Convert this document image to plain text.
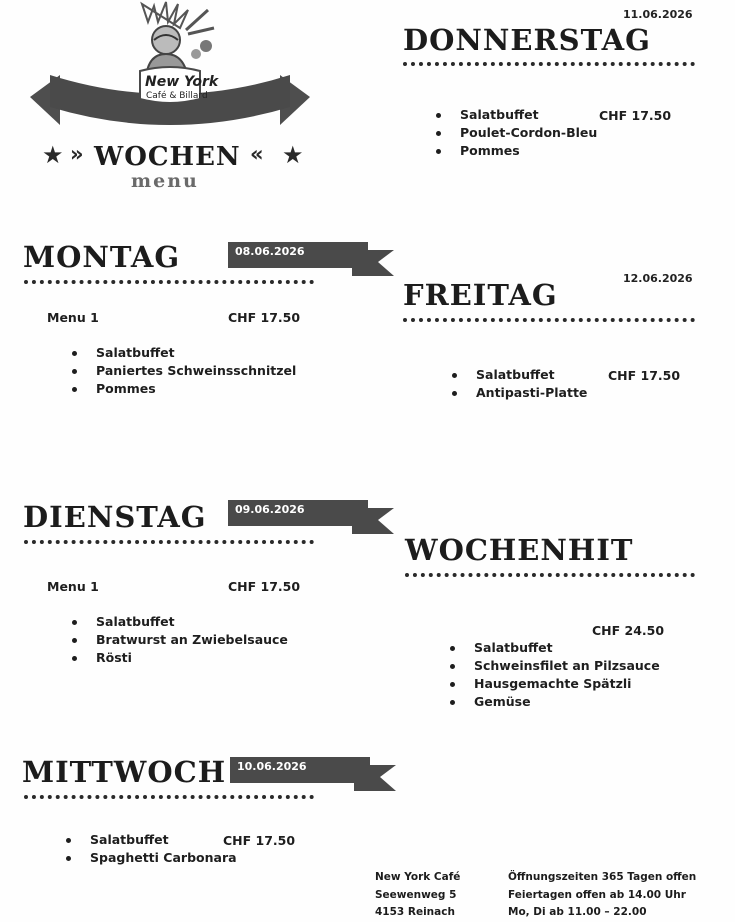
New York
Café & Billard
★ » WOCHEN « ★
menu
MONTAG	08.06.2026
Menu 1	CHF 17.50
Salatbuffet
Paniertes Schweinsschnitzel
Pommes
DIENSTAG	09.06.2026
Menu 1	CHF 17.50
Salatbuffet
Bratwurst an Zwiebelsauce
Rösti
MITTWOCH 10.06.2026
Salatbuffet
Spaghetti Carbonara
CHF 17.50
11.06.2026
DONNERSTAG
Salatbuffet
Poulet-Cordon-Bleu
Pommes
CHF 17.50
12.06.2026
FREITAG
Salatbuffet
Antipasti-Platte
CHF 17.50
WOCHENHIT
CHF 24.50
Salatbuffet
Schweinsfilet an Pilzsauce
Hausgemachte Spätzli
Gemüse
New York Café
Seewenweg 5
4153 Reinach
Öffnungszeiten 365 Tagen offen
Feiertagen offen ab 14.00 Uhr
Mo, Di ab 11.00 – 22.00
